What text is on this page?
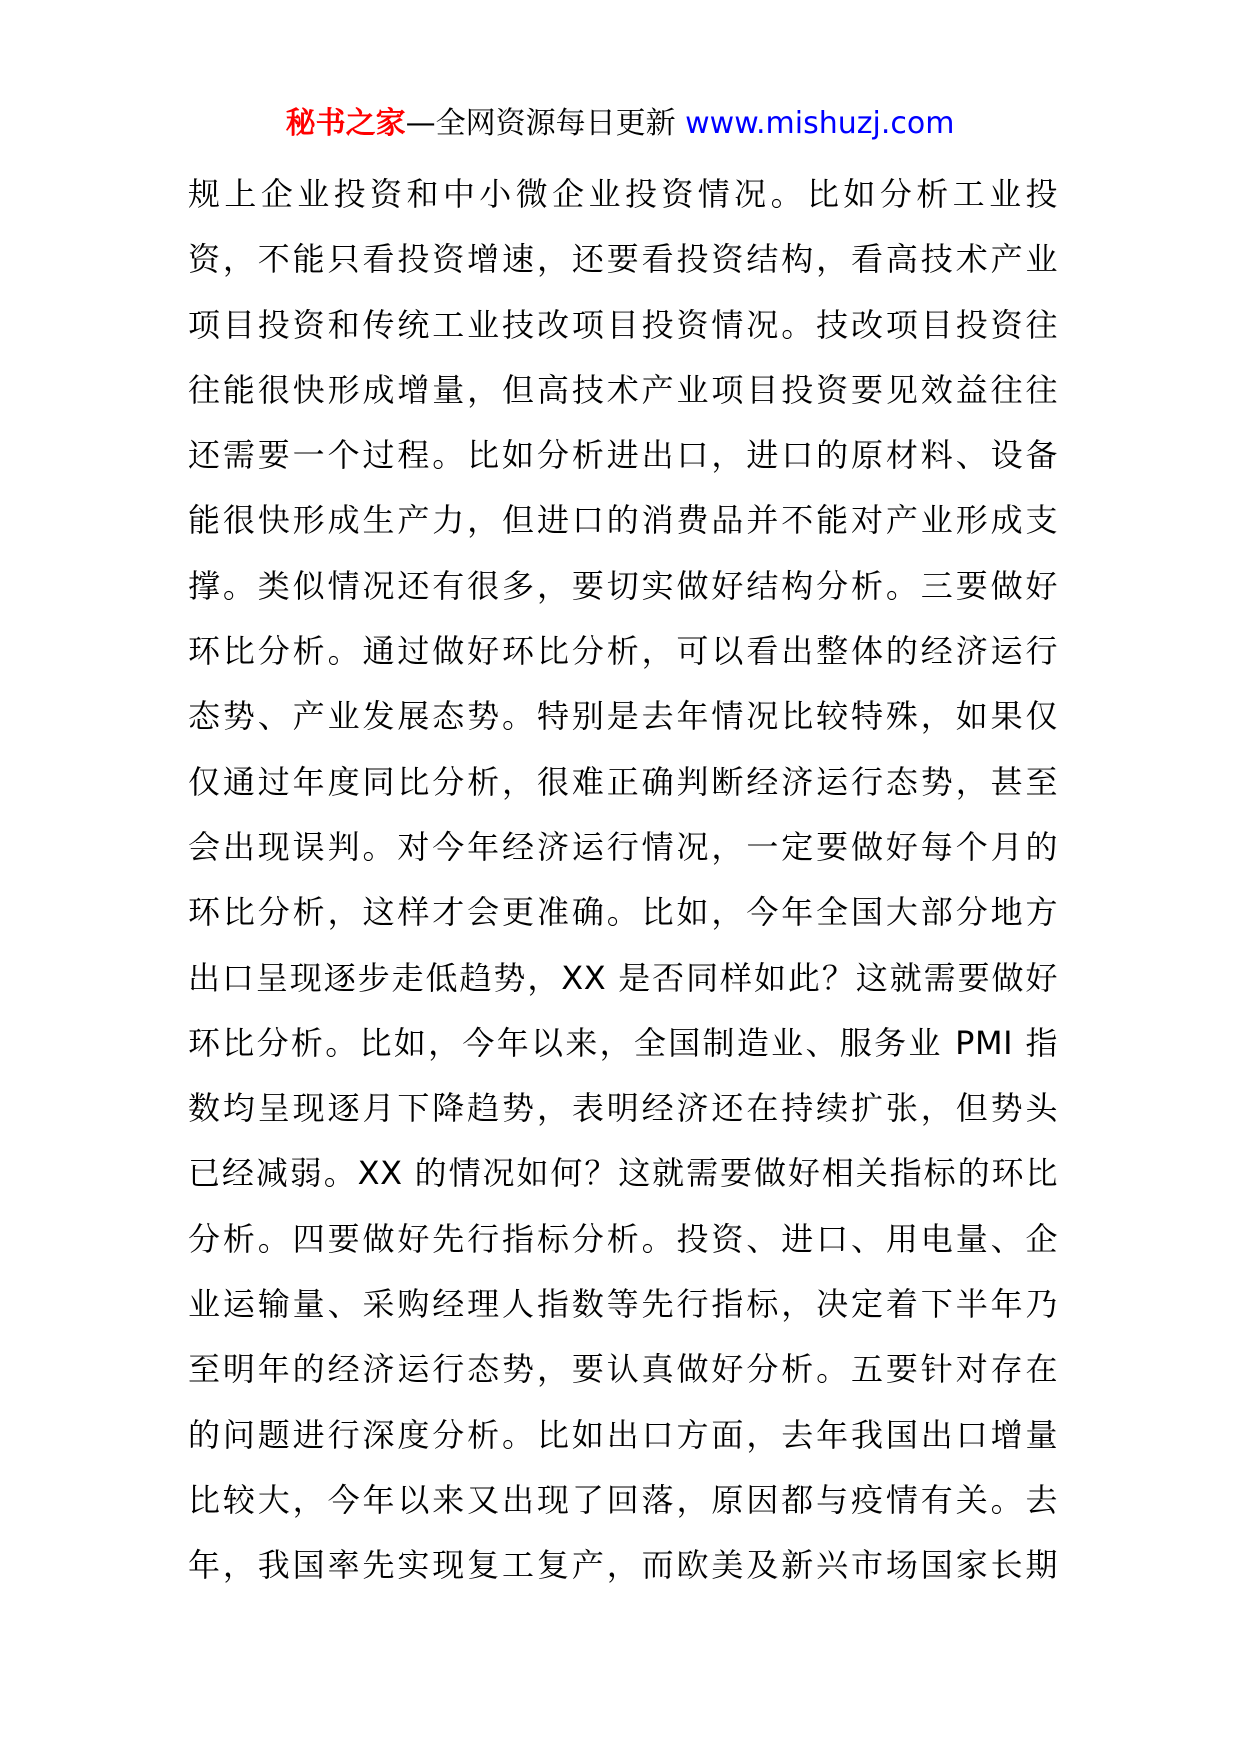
秘书之家—全网资源每日更新 www.mishuzj.com
规上企业投资和中小微企业投资情况。比如分析工业投
资，不能只看投资增速，还要看投资结构，看高技术产业
项目投资和传统工业技改项目投资情况。技改项目投资往
往能很快形成增量，但高技术产业项目投资要见效益往往
还需要一个过程。比如分析进出口，进口的原材料、设备
能很快形成生产力，但进口的消费品并不能对产业形成支
撑。类似情况还有很多，要切实做好结构分析。三要做好
环比分析。通过做好环比分析，可以看出整体的经济运行
态势、产业发展态势。特别是去年情况比较特殊，如果仅
仅通过年度同比分析，很难正确判断经济运行态势，甚至
会出现误判。对今年经济运行情况，一定要做好每个月的
环比分析，这样才会更准确。比如，今年全国大部分地方
出口呈现逐步走低趋势，XX 是否同样如此？这就需要做好
环比分析。比如，今年以来，全国制造业、服务业 PMI 指
数均呈现逐月下降趋势，表明经济还在持续扩张，但势头
已经减弱。XX 的情况如何？这就需要做好相关指标的环比
分析。四要做好先行指标分析。投资、进口、用电量、企
业运输量、采购经理人指数等先行指标，决定着下半年乃
至明年的经济运行态势，要认真做好分析。五要针对存在
的问题进行深度分析。比如出口方面，去年我国出口增量
比较大，今年以来又出现了回落，原因都与疫情有关。去
年，我国率先实现复工复产，而欧美及新兴市场国家长期
